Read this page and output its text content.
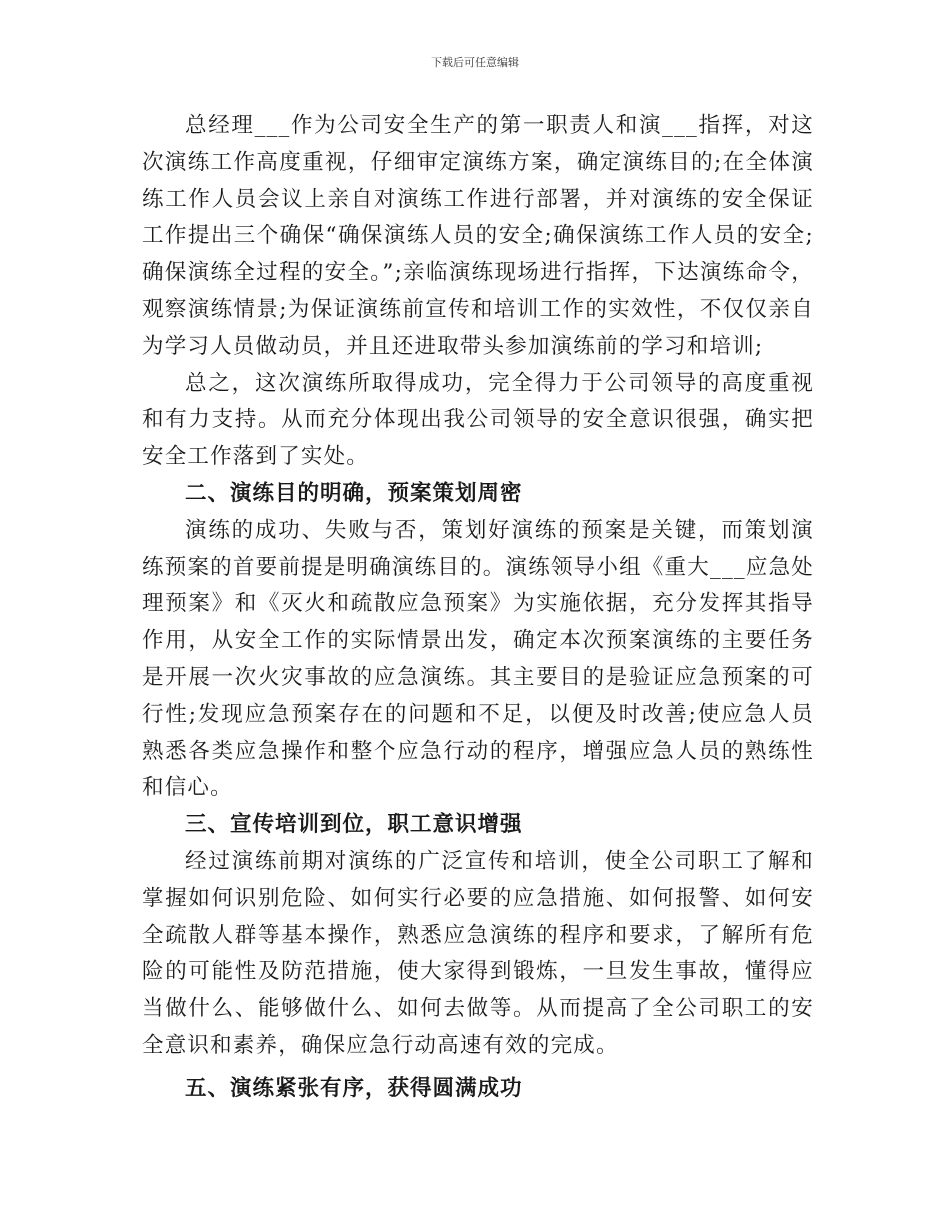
下载后可任意编辑

总经理___作为公司安全生产的第一职责人和演___指挥，对这次演练工作高度重视，仔细审定演练方案，确定演练目的;在全体演练工作人员会议上亲自对演练工作进行部署，并对演练的安全保证工作提出三个确保“确保演练人员的安全;确保演练工作人员的安全;确保演练全过程的安全。”;亲临演练现场进行指挥，下达演练命令，观察演练情景;为保证演练前宣传和培训工作的实效性，不仅仅亲自为学习人员做动员，并且还进取带头参加演练前的学习和培训;

总之，这次演练所取得成功，完全得力于公司领导的高度重视和有力支持。从而充分体现出我公司领导的安全意识很强，确实把安全工作落到了实处。

二、演练目的明确，预案策划周密

演练的成功、失败与否，策划好演练的预案是关键，而策划演练预案的首要前提是明确演练目的。演练领导小组《重大___应急处理预案》和《灭火和疏散应急预案》为实施依据，充分发挥其指导作用，从安全工作的实际情景出发，确定本次预案演练的主要任务是开展一次火灾事故的应急演练。其主要目的是验证应急预案的可行性;发现应急预案存在的问题和不足，以便及时改善;使应急人员熟悉各类应急操作和整个应急行动的程序，增强应急人员的熟练性和信心。

三、宣传培训到位，职工意识增强

经过演练前期对演练的广泛宣传和培训，使全公司职工了解和掌握如何识别危险、如何实行必要的应急措施、如何报警、如何安全疏散人群等基本操作，熟悉应急演练的程序和要求，了解所有危险的可能性及防范措施，使大家得到锻炼，一旦发生事故，懂得应当做什么、能够做什么、如何去做等。从而提高了全公司职工的安全意识和素养，确保应急行动高速有效的完成。

五、演练紧张有序，获得圆满成功
